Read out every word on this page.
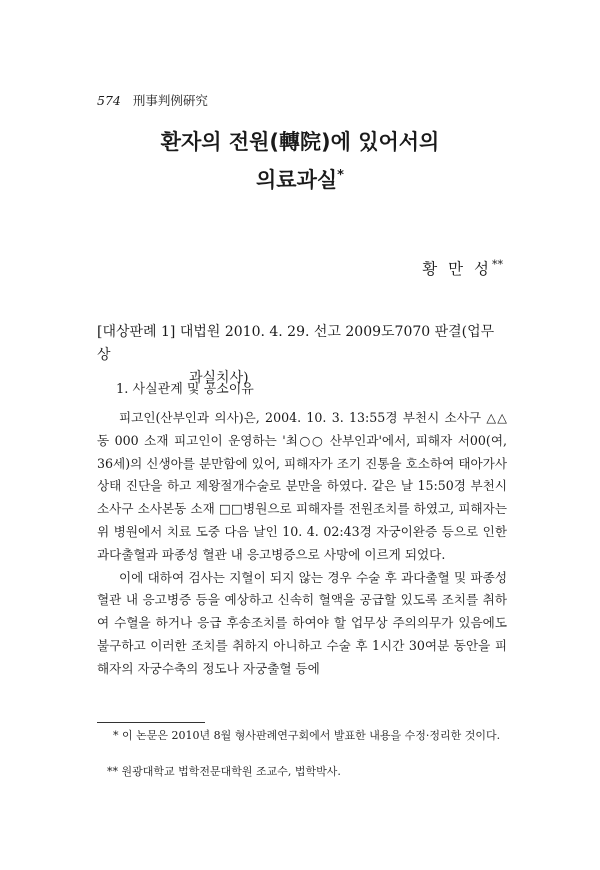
574 刑事判例硏究
환자의 전원(轉院)에 있어서의
의료과실*
황 만 성**
[대상판례 1] 대법원 2010. 4. 29. 선고 2009도7070 판결(업무상
과실치사)
1. 사실관계 및 공소이유

피고인(산부인과 의사)은, 2004. 10. 3. 13:55경 부천시 소사구 △△동 000 소재 피고인이 운영하는 '최○○ 산부인과'에서, 피해자 서00(여, 36세)의 신생아를 분만함에 있어, 피해자가 조기 진통을 호소하여 태아가사상태 진단을 하고 제왕절개수술로 분만을 하였다. 같은 날 15:50경 부천시 소사구 소사본동 소재 □□병원으로 피해자를 전원조치를 하였고, 피해자는 위 병원에서 치료 도중 다음 날인 10. 4. 02:43경 자궁이완증 등으로 인한 과다출혈과 파종성 혈관 내 응고병증으로 사망에 이르게 되었다.

이에 대하여 검사는 지혈이 되지 않는 경우 수술 후 과다출혈 및 파종성 혈관 내 응고병증 등을 예상하고 신속히 혈액을 공급할 있도록 조치를 취하여 수혈을 하거나 응급 후송조치를 하여야 할 업무상 주의의무가 있음에도 불구하고 이러한 조치를 취하지 아니하고 수술 후 1시간 30여분 동안을 피해자의 자궁수축의 정도나 자궁출혈 등에

* 이 논문은 2010년 8월 형사판례연구회에서 발표한 내용을 수정·정리한 것이다.
** 원광대학교 법학전문대학원 조교수, 법학박사.
